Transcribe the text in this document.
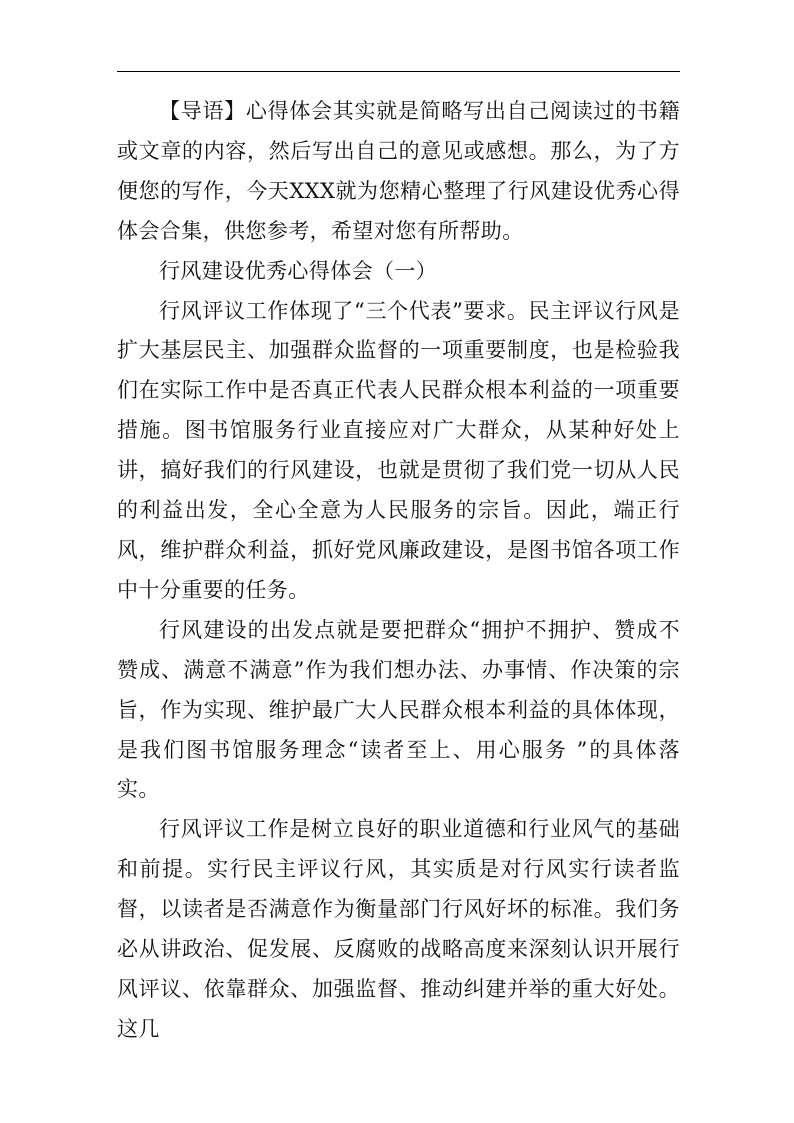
【导语】心得体会其实就是简略写出自己阅读过的书籍或文章的内容，然后写出自己的意见或感想。那么，为了方便您的写作，今天XXX就为您精心整理了行风建设优秀心得体会合集，供您参考，希望对您有所帮助。

行风建设优秀心得体会（一）

行风评议工作体现了“三个代表”要求。民主评议行风是扩大基层民主、加强群众监督的一项重要制度，也是检验我们在实际工作中是否真正代表人民群众根本利益的一项重要措施。图书馆服务行业直接应对广大群众，从某种好处上讲，搞好我们的行风建设，也就是贯彻了我们党一切从人民的利益出发，全心全意为人民服务的宗旨。因此，端正行风，维护群众利益，抓好党风廉政建设，是图书馆各项工作中十分重要的任务。

行风建设的出发点就是要把群众“拥护不拥护、赞成不赞成、满意不满意”作为我们想办法、办事情、作决策的宗旨，作为实现、维护最广大人民群众根本利益的具体体现，是我们图书馆服务理念“读者至上、用心服务 ”的具体落实。

行风评议工作是树立良好的职业道德和行业风气的基础和前提。实行民主评议行风，其实质是对行风实行读者监督，以读者是否满意作为衡量部门行风好坏的标准。我们务必从讲政治、促发展、反腐败的战略高度来深刻认识开展行风评议、依靠群众、加强监督、推动纠建并举的重大好处。这几
